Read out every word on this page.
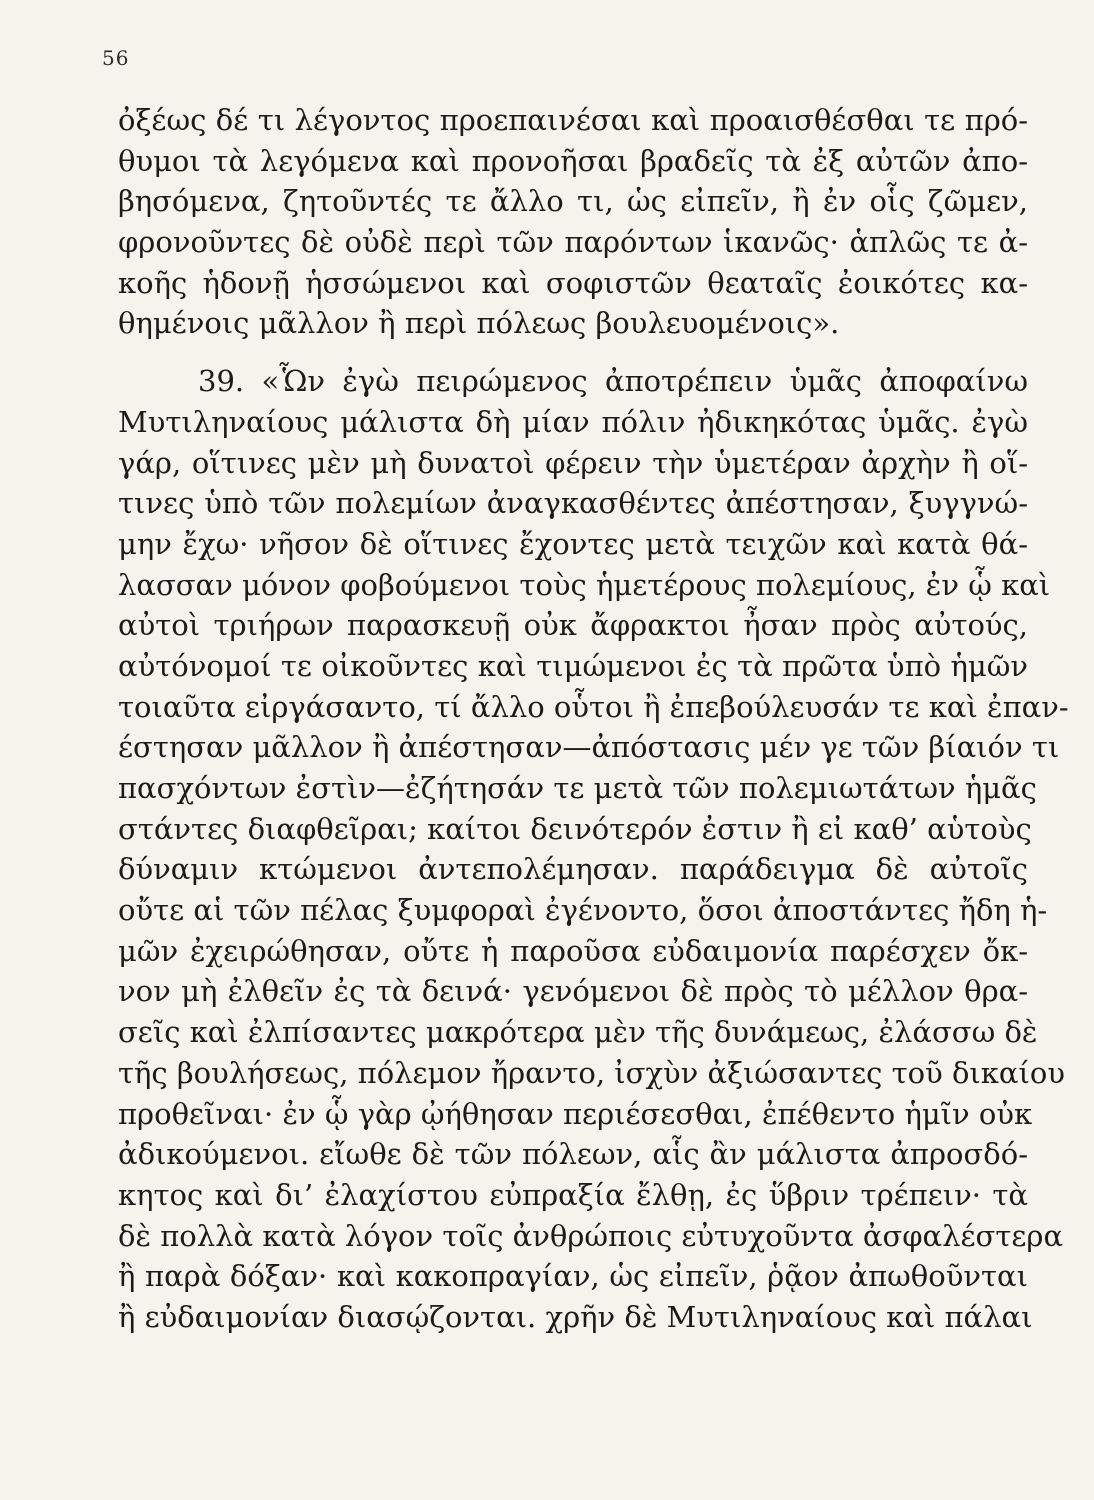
56
ὀξέως δέ τι λέγοντος προεπαινέσαι καὶ προαισθέσθαι τε πρό-
θυμοι τὰ λεγόμενα καὶ προνοῆσαι βραδεῖς τὰ ἐξ αὐτῶν ἀπο-
βησόμενα, ζητοῦντές τε ἄλλο τι, ὡς εἰπεῖν, ἢ ἐν οἷς ζῶμεν,
φρονοῦντες δὲ οὐδὲ περὶ τῶν παρόντων ἱκανῶς· ἁπλῶς τε ἀ-
κοῆς ἡδονῇ ἡσσώμενοι καὶ σοφιστῶν θεαταῖς ἐοικότες κα-
θημένοις μᾶλλον ἢ περὶ πόλεως βουλευομένοις».
39. «Ὧν ἐγὼ πειρώμενος ἀποτρέπειν ὑμᾶς ἀποφαίνω
Μυτιληναίους μάλιστα δὴ μίαν πόλιν ἠδικηκότας ὑμᾶς. ἐγὼ
γάρ, οἵτινες μὲν μὴ δυνατοὶ φέρειν τὴν ὑμετέραν ἀρχὴν ἢ οἵ-
τινες ὑπὸ τῶν πολεμίων ἀναγκασθέντες ἀπέστησαν, ξυγγνώ-
μην ἔχω· νῆσον δὲ οἵτινες ἔχοντες μετὰ τειχῶν καὶ κατὰ θά-
λασσαν μόνον φοβούμενοι τοὺς ἡμετέρους πολεμίους, ἐν ᾧ καὶ
αὐτοὶ τριήρων παρασκευῇ οὐκ ἄφρακτοι ἦσαν πρὸς αὐτούς,
αὐτόνομοί τε οἰκοῦντες καὶ τιμώμενοι ἐς τὰ πρῶτα ὑπὸ ἡμῶν
τοιαῦτα εἰργάσαντο, τί ἄλλο οὗτοι ἢ ἐπεβούλευσάν τε καὶ ἐπαν-
έστησαν μᾶλλον ἢ ἀπέστησαν—ἀπόστασις μέν γε τῶν βίαιόν τι
πασχόντων ἐστὶν—ἐζήτησάν τε μετὰ τῶν πολεμιωτάτων ἡμᾶς
στάντες διαφθεῖραι; καίτοι δεινότερόν ἐστιν ἢ εἰ καθ’ αὑτοὺς
δύναμιν κτώμενοι ἀντεπολέμησαν. παράδειγμα δὲ αὐτοῖς
οὔτε αἱ τῶν πέλας ξυμφοραὶ ἐγένοντο, ὅσοι ἀποστάντες ἤδη ἡ-
μῶν ἐχειρώθησαν, οὔτε ἡ παροῦσα εὐδαιμονία παρέσχεν ὄκ-
νον μὴ ἐλθεῖν ἐς τὰ δεινά· γενόμενοι δὲ πρὸς τὸ μέλλον θρα-
σεῖς καὶ ἐλπίσαντες μακρότερα μὲν τῆς δυνάμεως, ἐλάσσω δὲ
τῆς βουλήσεως, πόλεμον ἤραντο, ἰσχὺν ἀξιώσαντες τοῦ δικαίου
προθεῖναι· ἐν ᾧ γὰρ ᾠήθησαν περιέσεσθαι, ἐπέθεντο ἡμῖν οὐκ
ἀδικούμενοι. εἴωθε δὲ τῶν πόλεων, αἷς ἂν μάλιστα ἀπροσδό-
κητος καὶ δι’ ἐλαχίστου εὐπραξία ἔλθῃ, ἐς ὕβριν τρέπειν· τὰ
δὲ πολλὰ κατὰ λόγον τοῖς ἀνθρώποις εὐτυχοῦντα ἀσφαλέστερα
ἢ παρὰ δόξαν· καὶ κακοπραγίαν, ὡς εἰπεῖν, ῥᾷον ἀπωθοῦνται
ἢ εὐδαιμονίαν διασῴζονται. χρῆν δὲ Μυτιληναίους καὶ πάλαι
